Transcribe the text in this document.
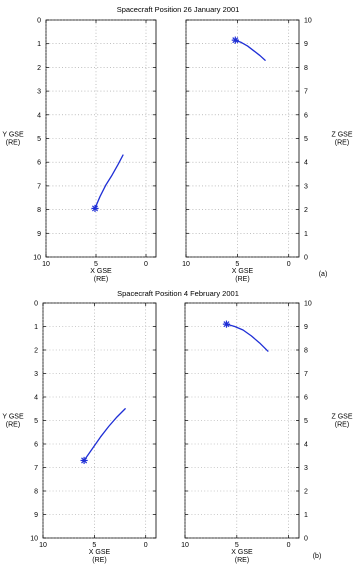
Spacecraft Position 26 January 2001
(a)
Spacecraft Position 4 February 2001
(b)
10	5	0
0
1
2
3
4
5
6
7
8
9
10
X GSE
(RE)
Y GSE
(RE)
10	5	0
0
1
2
3
4
5
6
7
8
9
10
X GSE
(RE)
Z GSE
(RE)
10	5	0
0
1
2
3
4
5
6
7
8
9
10
X GSE
(RE)
Y GSE
(RE)
10	5	0
0
1
2
3
4
5
6
7
8
9
10
X GSE
(RE)
Z GSE
(RE)
